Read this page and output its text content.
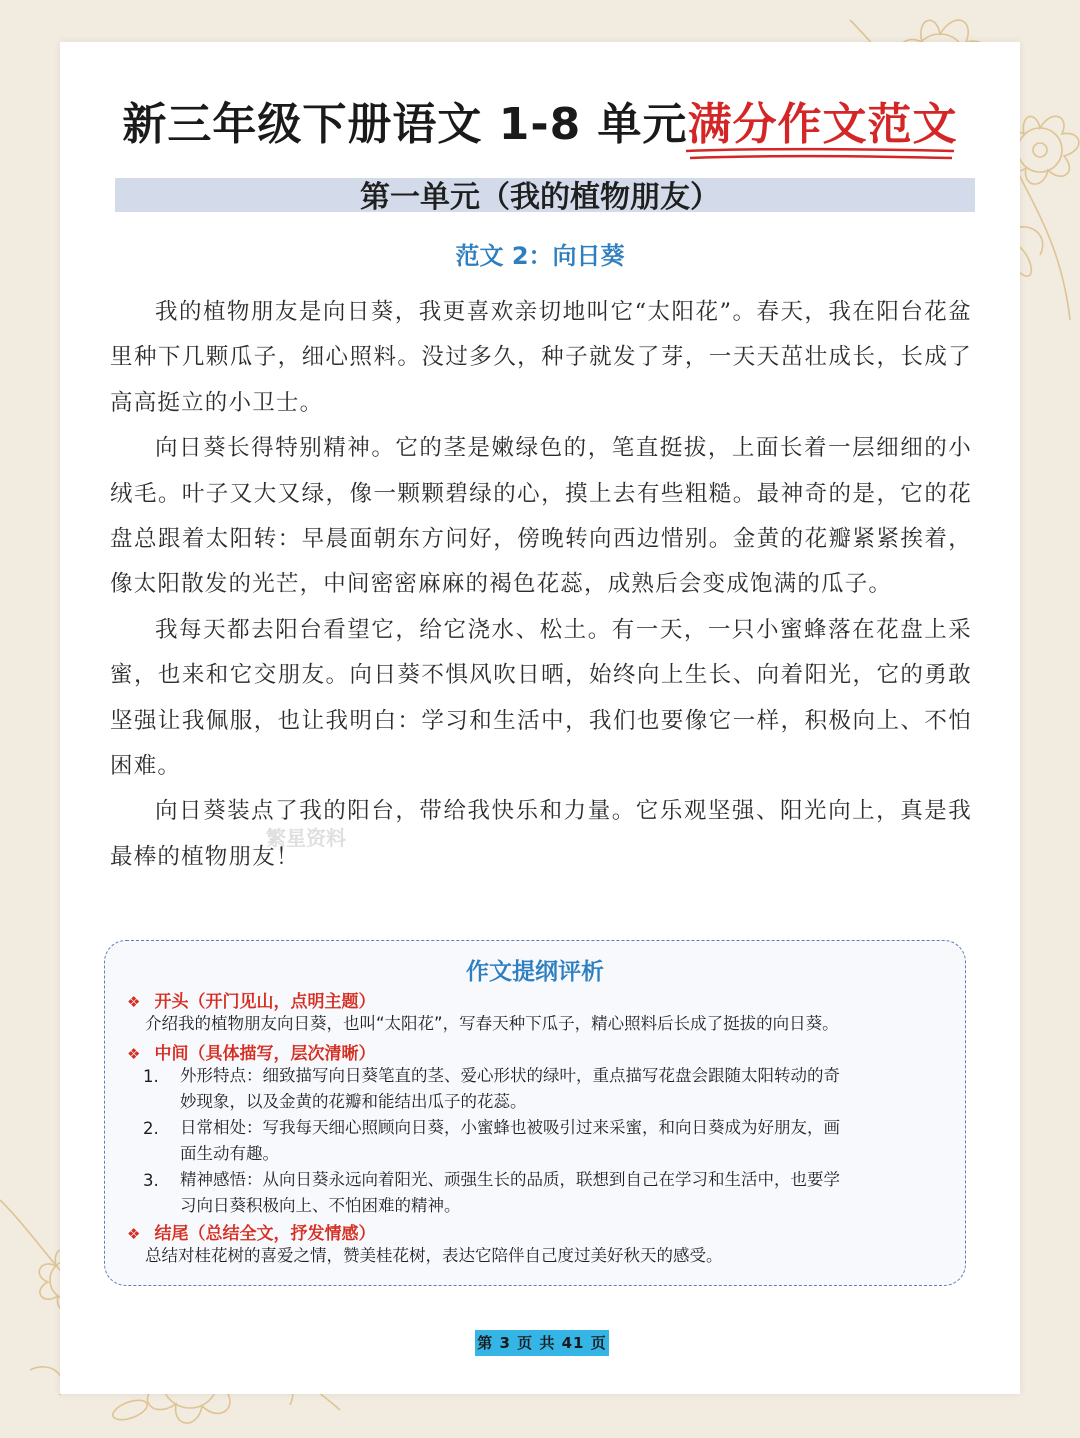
新三年级下册语文 1-8 单元满分作文范文
第一单元（我的植物朋友）
范文 2：向日葵

我的植物朋友是向日葵，我更喜欢亲切地叫它“太阳花”。春天，我在阳台花盆里种下几颗瓜子，细心照料。没过多久，种子就发了芽，一天天茁壮成长，长成了高高挺立的小卫士。

向日葵长得特别精神。它的茎是嫩绿色的，笔直挺拔，上面长着一层细细的小绒毛。叶子又大又绿，像一颗颗碧绿的心，摸上去有些粗糙。最神奇的是，它的花盘总跟着太阳转：早晨面朝东方问好，傍晚转向西边惜别。金黄的花瓣紧紧挨着，像太阳散发的光芒，中间密密麻麻的褐色花蕊，成熟后会变成饱满的瓜子。

我每天都去阳台看望它，给它浇水、松土。有一天，一只小蜜蜂落在花盘上采蜜，也来和它交朋友。向日葵不惧风吹日晒，始终向上生长、向着阳光，它的勇敢坚强让我佩服，也让我明白：学习和生活中，我们也要像它一样，积极向上、不怕困难。

向日葵装点了我的阳台，带给我快乐和力量。它乐观坚强、阳光向上，真是我最棒的植物朋友！

繁星资料
作文提纲评析
❖ 开头（开门见山，点明主题）
介绍我的植物朋友向日葵，也叫“太阳花”，写春天种下瓜子，精心照料后长成了挺拔的向日葵。
❖ 中间（具体描写，层次清晰）
1. 外形特点：细致描写向日葵笔直的茎、爱心形状的绿叶，重点描写花盘会跟随太阳转动的奇
妙现象，以及金黄的花瓣和能结出瓜子的花蕊。
2. 日常相处：写我每天细心照顾向日葵，小蜜蜂也被吸引过来采蜜，和向日葵成为好朋友，画
面生动有趣。
3. 精神感悟：从向日葵永远向着阳光、顽强生长的品质，联想到自己在学习和生活中，也要学
习向日葵积极向上、不怕困难的精神。
❖ 结尾（总结全文，抒发情感）
总结对桂花树的喜爱之情，赞美桂花树，表达它陪伴自己度过美好秋天的感受。
第 3 页 共 41 页
